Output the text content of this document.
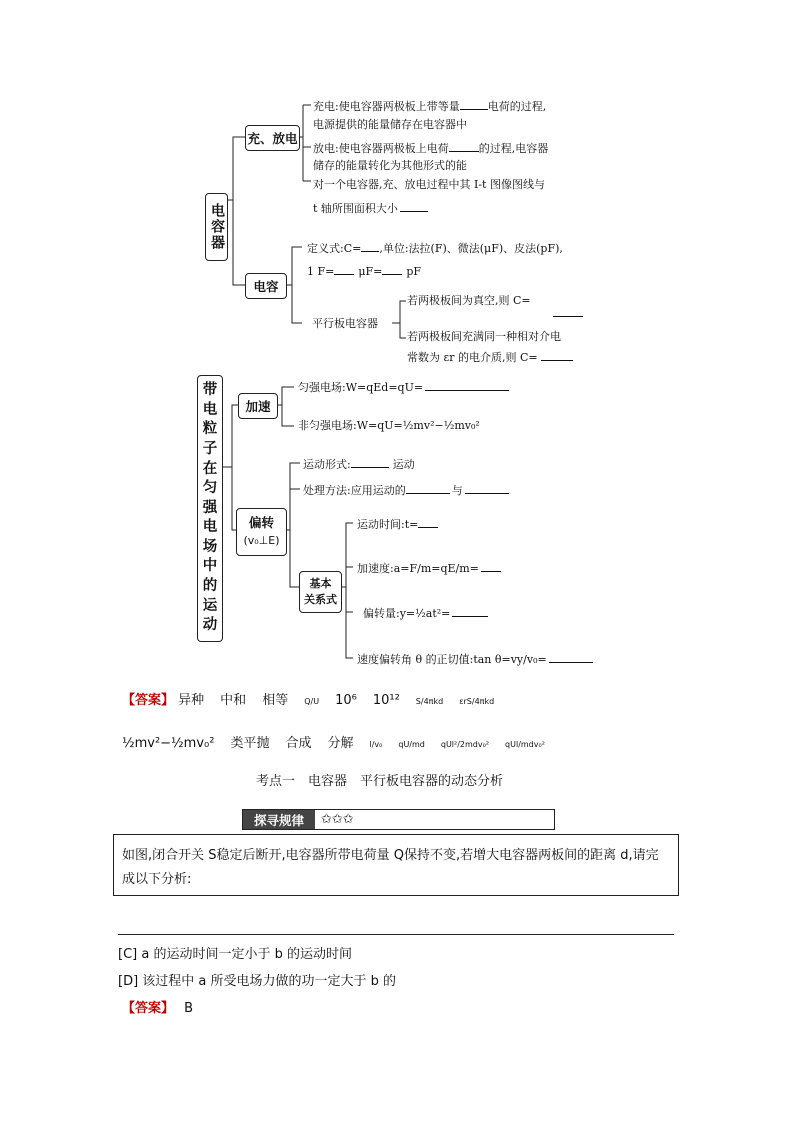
电容器
充、放电
电容
充电:使电容器两极板上带等量	电荷的过程,
电源提供的能量储存在电容器中
放电:使电容器两极板上电荷	的过程,电容器
储存的能量转化为其他形式的能
对一个电容器,充、放电过程中其 I-t 图像图线与
t 轴所围面积大小
定义式:C= ,单位:法拉(F)、微法(μF)、皮法(pF),
1 F= μF= pF
平行板电容器
若两极板间为真空,则 C=
若两极板间充满同一种相对介电
常数为 εr 的电介质,则 C=
带
电
粒
子
在
匀
强
电
场
中
的
运
动
加速
偏转
(v₀⊥E)
基本
关系式
匀强电场:W=qEd=qU=
非匀强电场:W=qU=½mv²−½mv₀²
运动形式:	运动
处理方法:应用运动的	与
运动时间:t=
加速度:a=F/m=qE/m=
偏转量:y=½at²=
速度偏转角 θ 的正切值:tan θ=vy/v₀=
【答案】 异种 中和 相等 Q/U 10⁶ 10¹² S/4πkd εrS/4πkd
½mv²−½mv₀² 类平抛 合成 分解 l/v₀ qU/md qUl²/2mdv₀² qUl/mdv₀²
考点一　电容器　平行板电容器的动态分析
探寻规律	✩✩✩
如图,闭合开关 S稳定后断开,电容器所带电荷量 Q保持不变,若增大电容器两板间的距离 d,请完成以下分析:
[C] a 的运动时间一定小于 b 的运动时间
[D] 该过程中 a 所受电场力做的功一定大于 b 的
【答案】 B
